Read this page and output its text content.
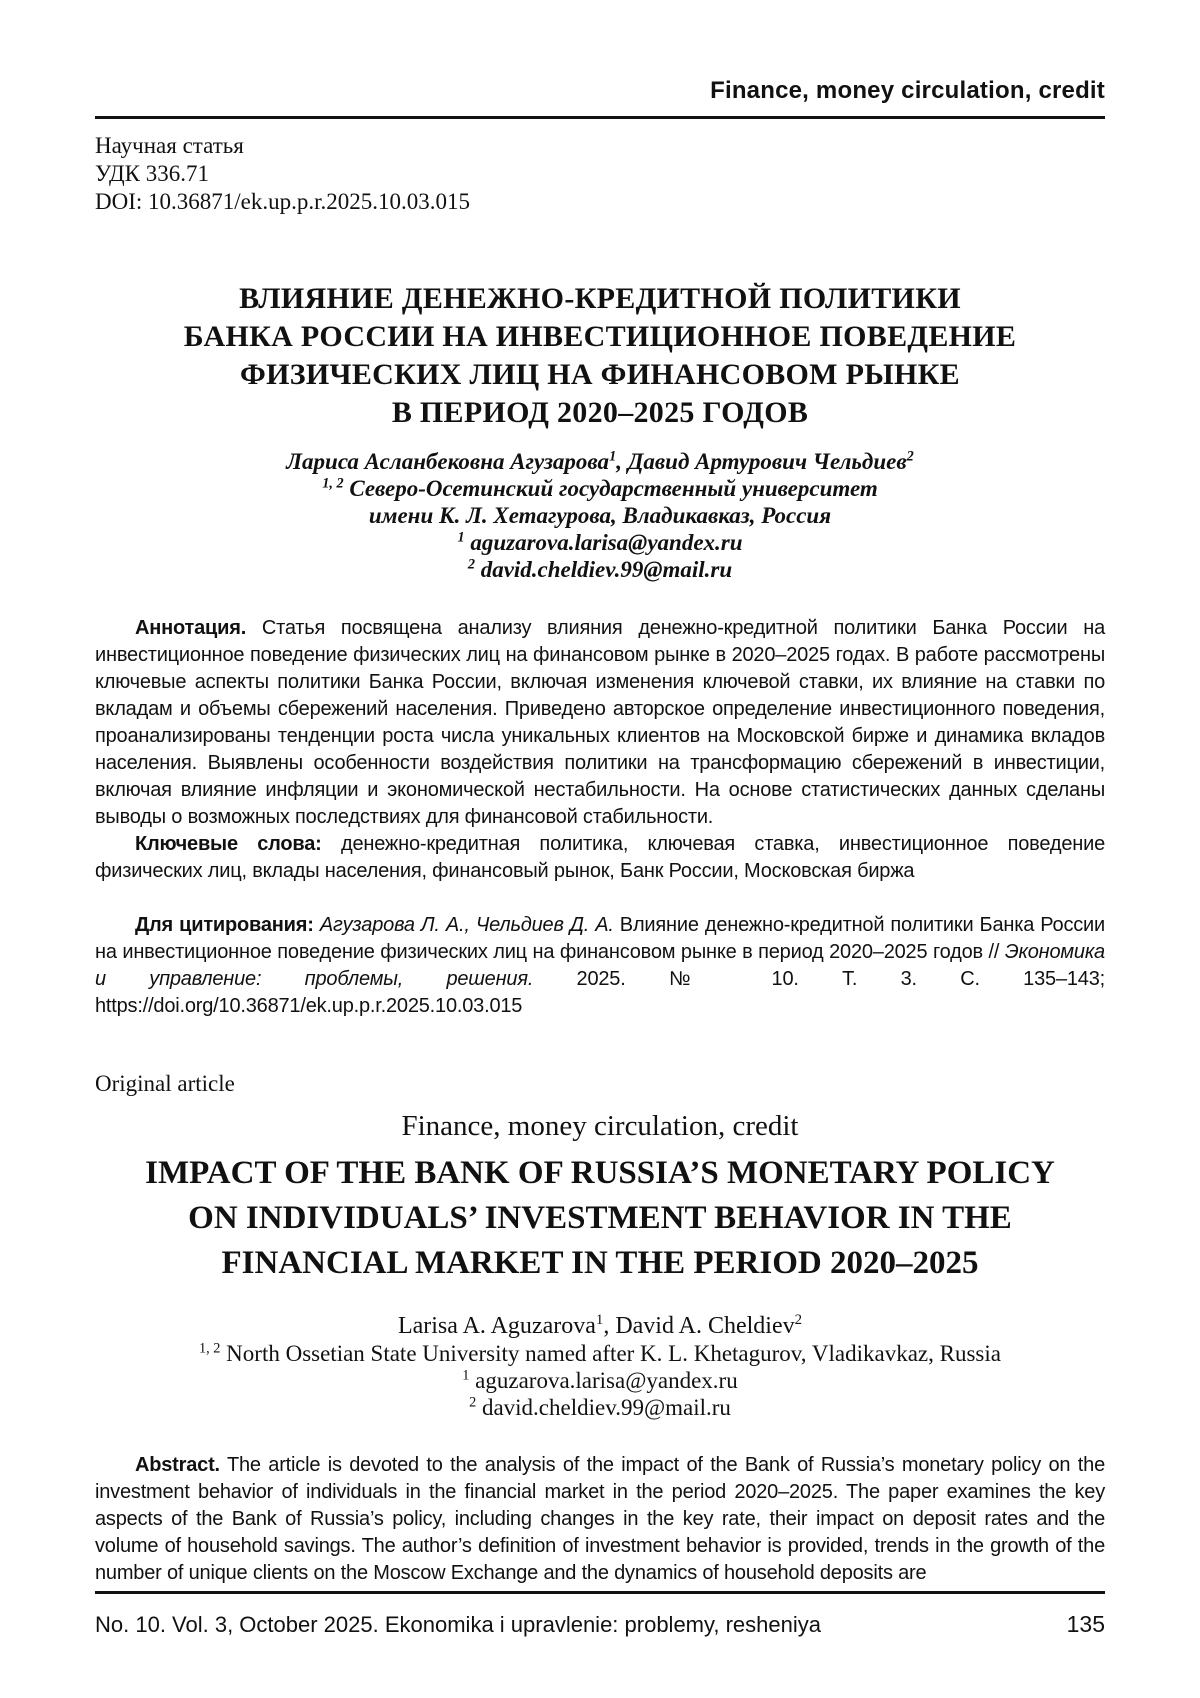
Finance, money circulation, credit
Научная статья
УДК 336.71
DOI: 10.36871/ek.up.p.r.2025.10.03.015
ВЛИЯНИЕ ДЕНЕЖНО-КРЕДИТНОЙ ПОЛИТИКИ
БАНКА РОССИИ НА ИНВЕСТИЦИОННОЕ ПОВЕДЕНИЕ
ФИЗИЧЕСКИХ ЛИЦ НА ФИНАНСОВОМ РЫНКЕ
В ПЕРИОД 2020–2025 ГОДОВ
Лариса Асланбековна Агузарова$^1$, Давид Артурович Чельдиев$^2$
$^{1, 2}$ Северо-Осетинский государственный университет
имени К. Л. Хетагурова, Владикавказ, Россия
$^1$ aguzarova.larisa@yandex.ru
$^2$ david.cheldiev.99@mail.ru

Аннотация. Статья посвящена анализу влияния денежно-кредитной политики Банка России на инвестиционное поведение физических лиц на финансовом рынке в 2020–2025 годах. В работе рассмотрены ключевые аспекты политики Банка России, включая изменения ключевой ставки, их влияние на ставки по вкладам и объемы сбережений населения. Приведено авторское определение инвестиционного поведения, проанализированы тенденции роста числа уникальных клиентов на Московской бирже и динамика вкладов населения. Выявлены особенности воздействия политики на трансформацию сбережений в инвестиции, включая влияние инфляции и экономической нестабильности. На основе статистических данных сделаны выводы о возможных последствиях для финансовой стабильности.

Ключевые слова: денежно-кредитная политика, ключевая ставка, инвестиционное поведение физических лиц, вклады населения, финансовый рынок, Банк России, Московская биржа

Для цитирования: Агузарова Л. А., Чельдиев Д. А. Влияние денежно-кредитной политики Банка России на инвестиционное поведение физических лиц на финансовом рынке в период 2020–2025 годов // Экономика и управление: проблемы, решения. 2025. № 10. Т. 3. С. 135–143; https://doi.org/10.36871/ek.up.p.r.2025.10.03.015

Original article
Finance, money circulation, credit
IMPACT OF THE BANK OF RUSSIA’S MONETARY POLICY
ON INDIVIDUALS’ INVESTMENT BEHAVIOR IN THE
FINANCIAL MARKET IN THE PERIOD 2020–2025
Larisa A. Aguzarova$^1$, David A. Cheldiev$^2$
$^{1, 2}$ North Ossetian State University named after K. L. Khetagurov, Vladikavkaz, Russia
$^1$ aguzarova.larisa@yandex.ru
$^2$ david.cheldiev.99@mail.ru

Abstract. The article is devoted to the analysis of the impact of the Bank of Russia’s monetary policy on the investment behavior of individuals in the financial market in the period 2020–2025. The paper examines the key aspects of the Bank of Russia’s policy, including changes in the key rate, their impact on deposit rates and the volume of household savings. The author’s definition of investment behavior is provided, trends in the growth of the number of unique clients on the Moscow Exchange and the dynamics of household deposits are

No. 10. Vol. 3, October 2025. Ekonomika i upravlenie: problemy, resheniya	135
